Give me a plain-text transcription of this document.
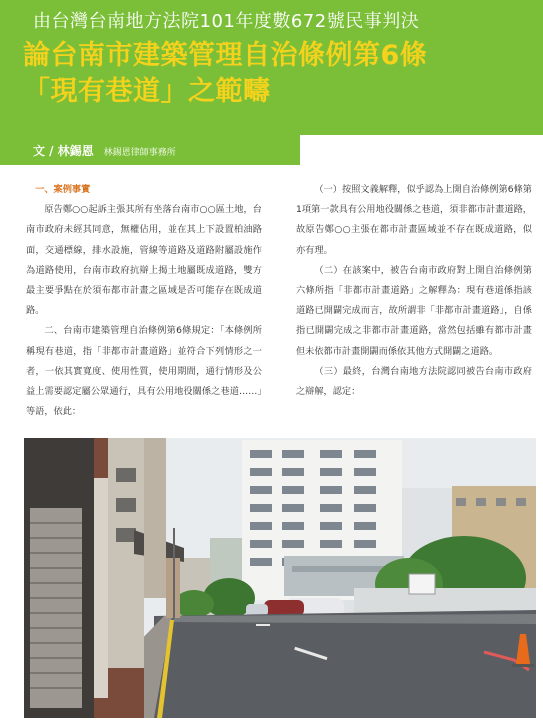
由台灣台南地方法院101年度數672號民事判決
論台南市建築管理自治條例第6條
「現有巷道」之範疇
文 / 林錫恩 林錫恩律師事務所

一、案例事實

原告鄭○○起訴主張其所有坐落台南市○○區土地，台南市政府未經其同意，無權佔用，並在其上下設置柏油路面，交通標線，排水設施，管線等道路及道路附屬設施作為道路使用，台南市政府抗辯上揭土地屬既成道路，雙方最主要爭點在於須布都市計畫之區域是否可能存在既成道路。

二、台南市建築管理自治條例第6條規定：「本條例所稱現有巷道，指「非都市計畫道路」並符合下列情形之一者，一依其實寬度、使用性質，使用期間，通行情形及公益上需要認定屬公眾通行，具有公用地役關係之巷道……」等語，依此：

（一）按照文義解釋，似乎認為上開自治條例第6條第1項第一款具有公用地役關係之巷道，須非都市計畫道路，故原告鄭○○主張在都市計畫區域並不存在既成道路，似亦有理。

（二）在該案中，被告台南市政府對上開自治條例第六條所指「非都市計畫道路」之解釋為：現有巷道係指該道路已開闢完成而言，故所謂非「非都市計畫道路」，自係指已開闢完成之非都市計畫道路，當然包括雖有都市計畫但未依都市計畫開闢而係依其他方式開闢之道路。

（三）最終，台灣台南地方法院認同被告台南市政府之辯解，認定：
